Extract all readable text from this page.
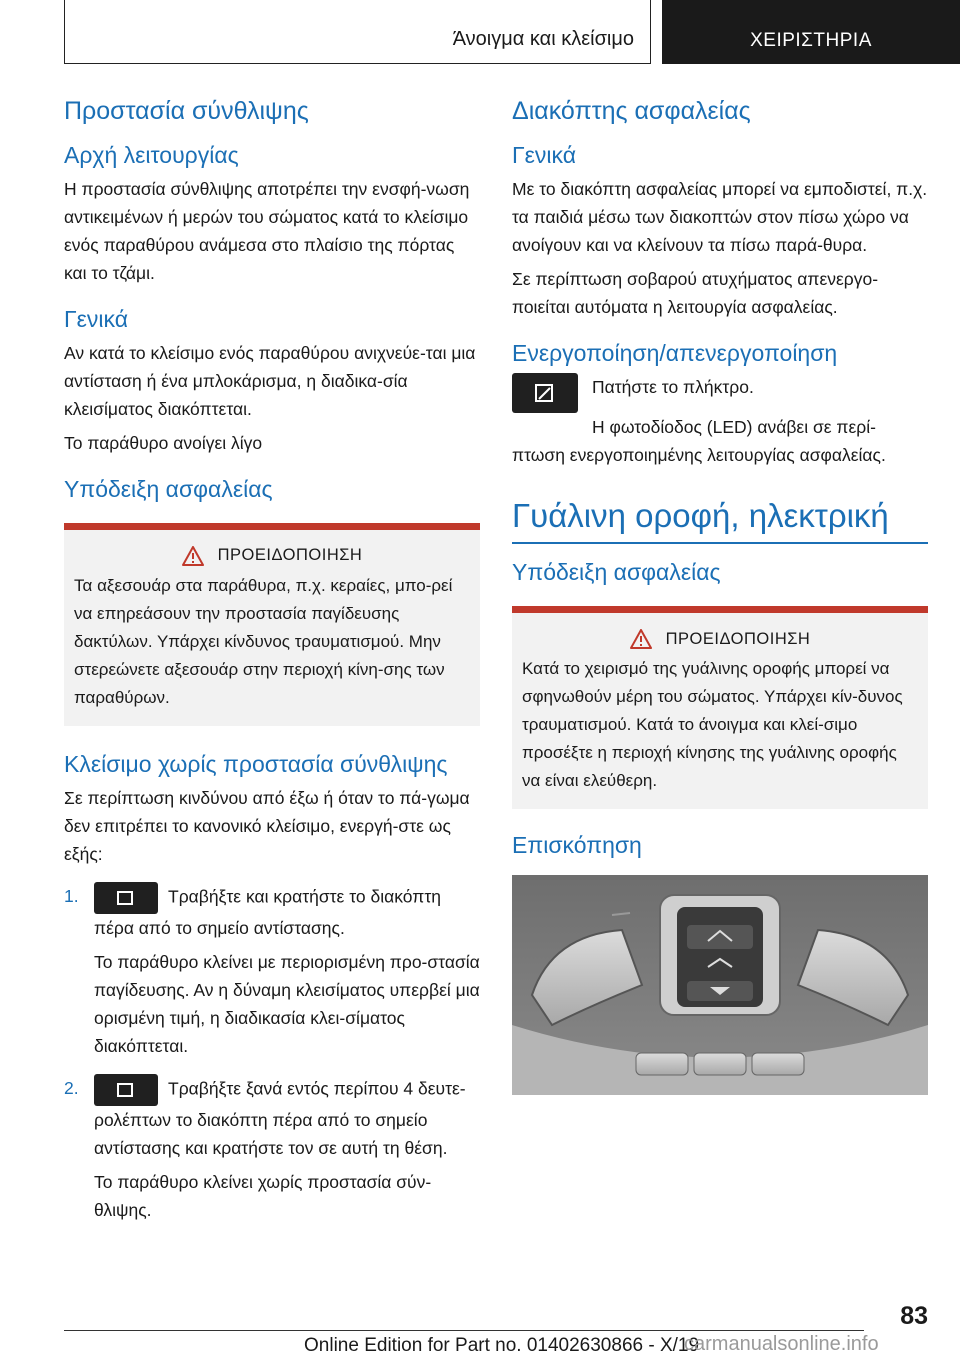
Άνοιγμα και κλείσιμο	ΧΕΙΡΙΣΤΗΡΙΑ
Προστασία σύνθλιψης
Αρχή λειτουργίας

Η προστασία σύνθλιψης αποτρέπει την ενσφή-νωση αντικειμένων ή μερών του σώματος κατά το κλείσιμο ενός παραθύρου ανάμεσα στο πλαίσιο της πόρτας και το τζάμι.

Γενικά

Αν κατά το κλείσιμο ενός παραθύρου ανιχνεύε-ται μια αντίσταση ή ένα μπλοκάρισμα, η διαδικα-σία κλεισίματος διακόπτεται.

Το παράθυρο ανοίγει λίγο

Υπόδειξη ασφαλείας
ΠΡΟΕΙΔΟΠΟΙΗΣΗ

Τα αξεσουάρ στα παράθυρα, π.χ. κεραίες, μπο-ρεί να επηρεάσουν την προστασία παγίδευσης δακτύλων. Υπάρχει κίνδυνος τραυματισμού. Μην στερεώνετε αξεσουάρ στην περιοχή κίνη-σης των παραθύρων.

Κλείσιμο χωρίς προστασία σύνθλιψης

Σε περίπτωση κινδύνου από έξω ή όταν το πά-γωμα δεν επιτρέπει το κανονικό κλείσιμο, ενεργή-στε ως εξής:

1.	Τραβήξτε και κρατήστε το διακόπτη πέρα από το σημείο αντίστασης.

Το παράθυρο κλείνει με περιορισμένη προ-στασία παγίδευσης. Αν η δύναμη κλεισίματος υπερβεί μια ορισμένη τιμή, η διαδικασία κλει-σίματος διακόπτεται.

2.	Τραβήξτε ξανά εντός περίπου 4 δευτε-ρολέπτων το διακόπτη πέρα από το σημείο αντίστασης και κρατήστε τον σε αυτή τη θέση.

Το παράθυρο κλείνει χωρίς προστασία σύν-θλιψης.

Διακόπτης ασφαλείας
Γενικά

Με το διακόπτη ασφαλείας μπορεί να εμποδιστεί, π.χ. τα παιδιά μέσω των διακοπτών στον πίσω χώρο να ανοίγουν και να κλείνουν τα πίσω παρά-θυρα.

Σε περίπτωση σοβαρού ατυχήματος απενεργο-ποιείται αυτόματα η λειτουργία ασφαλείας.

Ενεργοποίηση/απενεργοποίηση

Πατήστε το πλήκτρο.

Η φωτοδίοδος (LED) ανάβει σε περί-πτωση ενεργοποιημένης λειτουργίας ασφαλείας.

Γυάλινη οροφή, ηλεκτρική
Υπόδειξη ασφαλείας
ΠΡΟΕΙΔΟΠΟΙΗΣΗ

Κατά το χειρισμό της γυάλινης οροφής μπορεί να σφηνωθούν μέρη του σώματος. Υπάρχει κίν-δυνος τραυματισμού. Κατά το άνοιγμα και κλεί-σιμο προσέξτε η περιοχή κίνησης της γυάλινης οροφής να είναι ελεύθερη.

Επισκόπηση
83
Online Edition for Part no. 01402630866 - X/19
carmanualsonline.info
